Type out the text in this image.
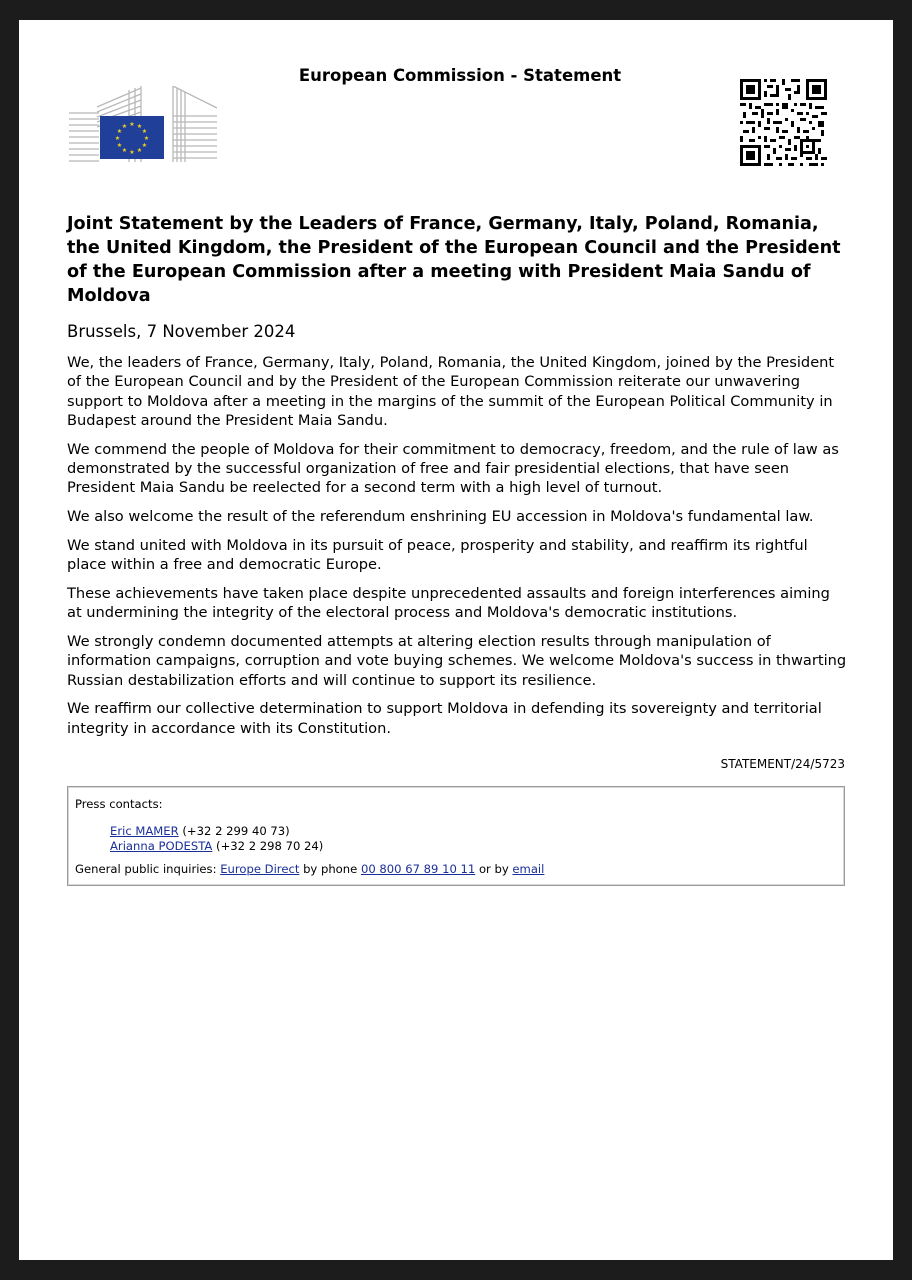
★ ★
★
★
★
★
★
★
★
★
★
★
European Commission - Statement
Joint Statement by the Leaders of France, Germany, Italy, Poland, Romania, the United Kingdom, the President of the European Council and the President of the European Commission after a meeting with President Maia Sandu of Moldova
Brussels, 7 November 2024

We, the leaders of France, Germany, Italy, Poland, Romania, the United Kingdom, joined by the President of the European Council and by the President of the European Commission reiterate our unwavering support to Moldova after a meeting in the margins of the summit of the European Political Community in Budapest around the President Maia Sandu.

We commend the people of Moldova for their commitment to democracy, freedom, and the rule of law as demonstrated by the successful organization of free and fair presidential elections, that have seen President Maia Sandu be reelected for a second term with a high level of turnout.

We also welcome the result of the referendum enshrining EU accession in Moldova's fundamental law.

We stand united with Moldova in its pursuit of peace, prosperity and stability, and reaffirm its rightful place within a free and democratic Europe.

These achievements have taken place despite unprecedented assaults and foreign interferences aiming at undermining the integrity of the electoral process and Moldova's democratic institutions.

We strongly condemn documented attempts at altering election results through manipulation of information campaigns, corruption and vote buying schemes. We welcome Moldova's success in thwarting Russian destabilization efforts and will continue to support its resilience.

We reaffirm our collective determination to support Moldova in defending its sovereignty and territorial integrity in accordance with its Constitution.

STATEMENT/24/5723
Press contacts:
Eric MAMER (+32 2 299 40 73)
Arianna PODESTA (+32 2 298 70 24)
General public inquiries: Europe Direct by phone 00 800 67 89 10 11 or by email
